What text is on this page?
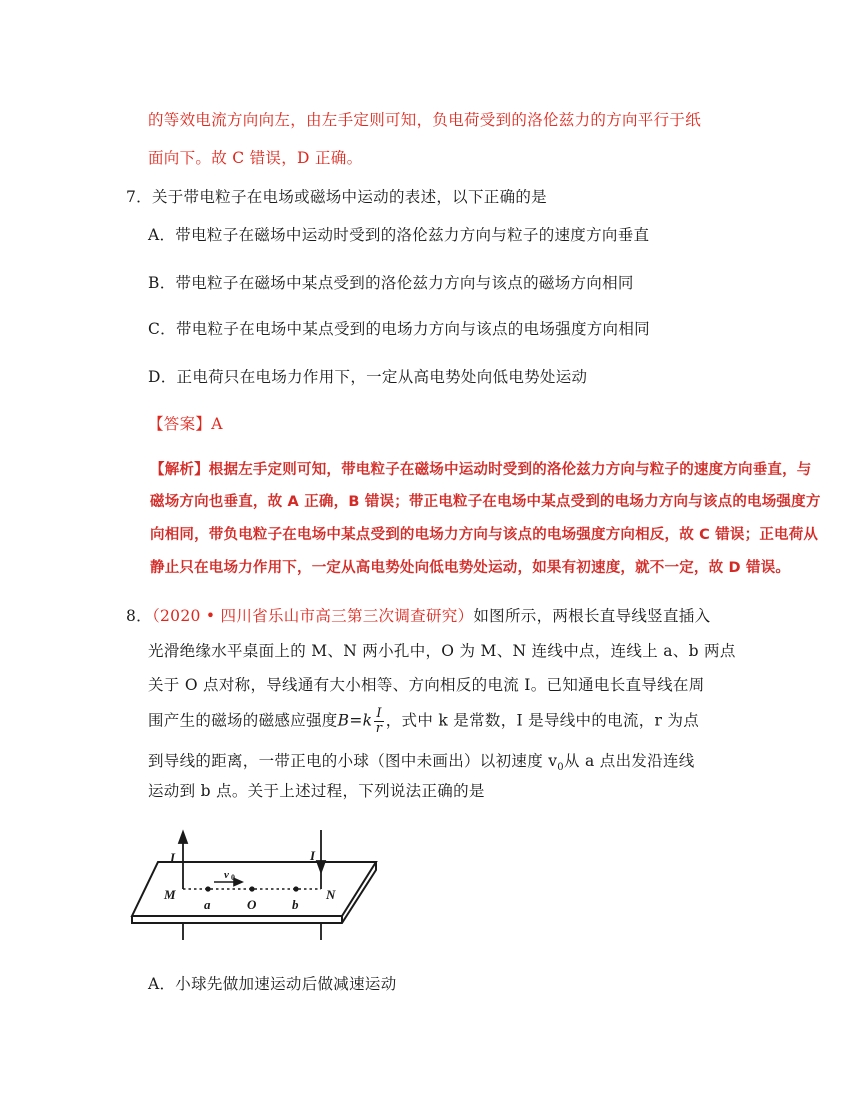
的等效电流方向向左，由左手定则可知，负电荷受到的洛伦兹力的方向平行于纸
面向下。故 C 错误，D 正确。
7．关于带电粒子在电场或磁场中运动的表述，以下正确的是
A．带电粒子在磁场中运动时受到的洛伦兹力方向与粒子的速度方向垂直
B．带电粒子在磁场中某点受到的洛伦兹力方向与该点的磁场方向相同
C．带电粒子在电场中某点受到的电场力方向与该点的电场强度方向相同
D．正电荷只在电场力作用下，一定从高电势处向低电势处运动
【答案】A
【解析】根据左手定则可知，带电粒子在磁场中运动时受到的洛伦兹力方向与粒子的速度方向垂直，与
磁场方向也垂直，故 A 正确，B 错误；带正电粒子在电场中某点受到的电场力方向与该点的电场强度方
向相同，带负电粒子在电场中某点受到的电场力方向与该点的电场强度方向相反，故 C 错误；正电荷从
静止只在电场力作用下，一定从高电势处向低电势处运动，如果有初速度，就不一定，故 D 错误。
8．（2020 • 四川省乐山市高三第三次调查研究）如图所示，两根长直导线竖直插入
光滑绝缘水平桌面上的 M、N 两小孔中，O 为 M、N 连线中点，连线上 a、b 两点
关于 O 点对称，导线通有大小相等、方向相反的电流 I。已知通电长直导线在周
围产生的磁场的磁感应强度$B=k \frac{I}{r}$ ，式中 k 是常数，I 是导线中的电流，r 为点
到导线的距离，一带正电的小球（图中未画出）以初速度 $v_0$从 a 点出发沿连线
运动到 b 点。关于上述过程，下列说法正确的是
I	I
M	N
a	O	b
v 0
A．小球先做加速运动后做减速运动
